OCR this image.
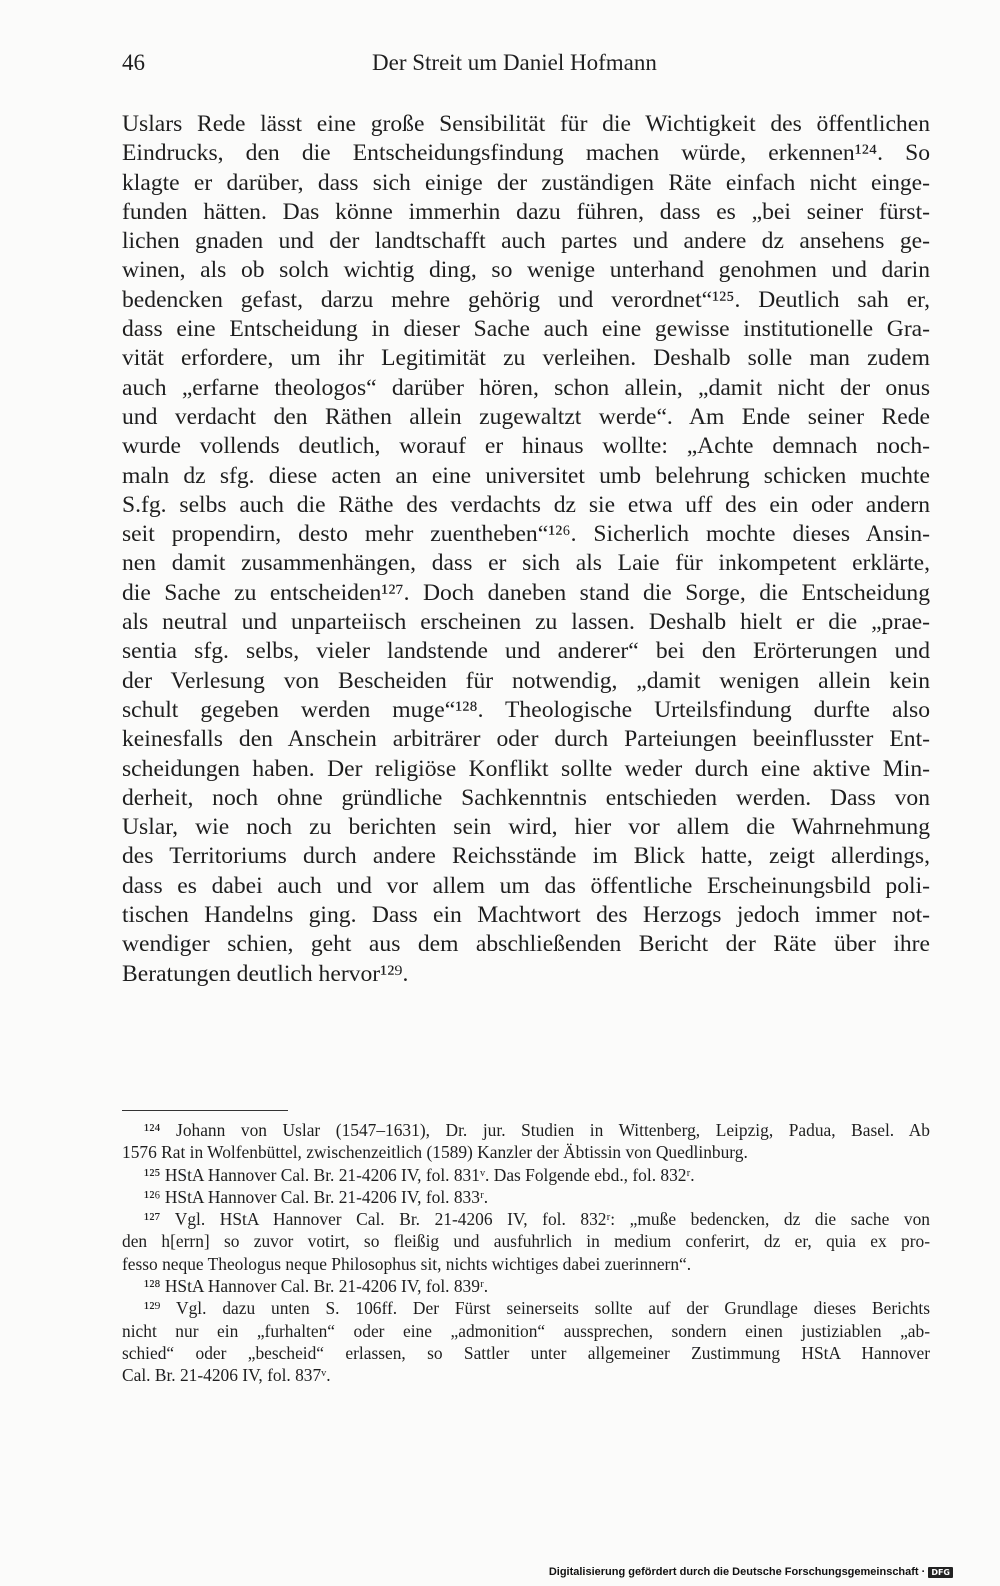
46	Der Streit um Daniel Hofmann
Uslars Rede lässt eine große Sensibilität für die Wichtigkeit des öffentlichen
Eindrucks, den die Entscheidungsfindung machen würde, erkennen¹²⁴. So
klagte er darüber, dass sich einige der zuständigen Räte einfach nicht einge-
funden hätten. Das könne immerhin dazu führen, dass es „bei seiner fürst-
lichen gnaden und der landtschafft auch partes und andere dz ansehens ge-
winen, als ob solch wichtig ding, so wenige unterhand genohmen und darin
bedencken gefast, darzu mehre gehörig und verordnet“¹²⁵. Deutlich sah er,
dass eine Entscheidung in dieser Sache auch eine gewisse institutionelle Gra-
vität erfordere, um ihr Legitimität zu verleihen. Deshalb solle man zudem
auch „erfarne theologos“ darüber hören, schon allein, „damit nicht der onus
und verdacht den Räthen allein zugewaltzt werde“. Am Ende seiner Rede
wurde vollends deutlich, worauf er hinaus wollte: „Achte demnach noch-
maln dz sfg. diese acten an eine universitet umb belehrung schicken muchte
S.fg. selbs auch die Räthe des verdachts dz sie etwa uff des ein oder andern
seit propendirn, desto mehr zuentheben“¹²⁶. Sicherlich mochte dieses Ansin-
nen damit zusammenhängen, dass er sich als Laie für inkompetent erklärte,
die Sache zu entscheiden¹²⁷. Doch daneben stand die Sorge, die Entscheidung
als neutral und unparteiisch erscheinen zu lassen. Deshalb hielt er die „prae-
sentia sfg. selbs, vieler landstende und anderer“ bei den Erörterungen und
der Verlesung von Bescheiden für notwendig, „damit wenigen allein kein
schult gegeben werden muge“¹²⁸. Theologische Urteilsfindung durfte also
keinesfalls den Anschein arbiträrer oder durch Parteiungen beeinflusster Ent-
scheidungen haben. Der religiöse Konflikt sollte weder durch eine aktive Min-
derheit, noch ohne gründliche Sachkenntnis entschieden werden. Dass von
Uslar, wie noch zu berichten sein wird, hier vor allem die Wahrnehmung
des Territoriums durch andere Reichsstände im Blick hatte, zeigt allerdings,
dass es dabei auch und vor allem um das öffentliche Erscheinungsbild poli-
tischen Handelns ging. Dass ein Machtwort des Herzogs jedoch immer not-
wendiger schien, geht aus dem abschließenden Bericht der Räte über ihre
Beratungen deutlich hervor¹²⁹.
¹²⁴ Johann von Uslar (1547–1631), Dr. jur. Studien in Wittenberg, Leipzig, Padua, Basel. Ab
1576 Rat in Wolfenbüttel, zwischenzeitlich (1589) Kanzler der Äbtissin von Quedlinburg.
¹²⁵ HStA Hannover Cal. Br. 21-4206 IV, fol. 831ᵛ. Das Folgende ebd., fol. 832ʳ.
¹²⁶ HStA Hannover Cal. Br. 21-4206 IV, fol. 833ʳ.
¹²⁷ Vgl. HStA Hannover Cal. Br. 21-4206 IV, fol. 832ʳ: „muße bedencken, dz die sache von
den h[errn] so zuvor votirt, so fleißig und ausfuhrlich in medium conferirt, dz er, quia ex pro-
fesso neque Theologus neque Philosophus sit, nichts wichtiges dabei zuerinnern“.
¹²⁸ HStA Hannover Cal. Br. 21-4206 IV, fol. 839ʳ.
¹²⁹ Vgl. dazu unten S. 106ff. Der Fürst seinerseits sollte auf der Grundlage dieses Berichts
nicht nur ein „furhalten“ oder eine „admonition“ aussprechen, sondern einen justiziablen „ab-
schied“ oder „bescheid“ erlassen, so Sattler unter allgemeiner Zustimmung HStA Hannover
Cal. Br. 21-4206 IV, fol. 837ᵛ.
Digitalisierung gefördert durch die Deutsche Forschungsgemeinschaft · DFG
